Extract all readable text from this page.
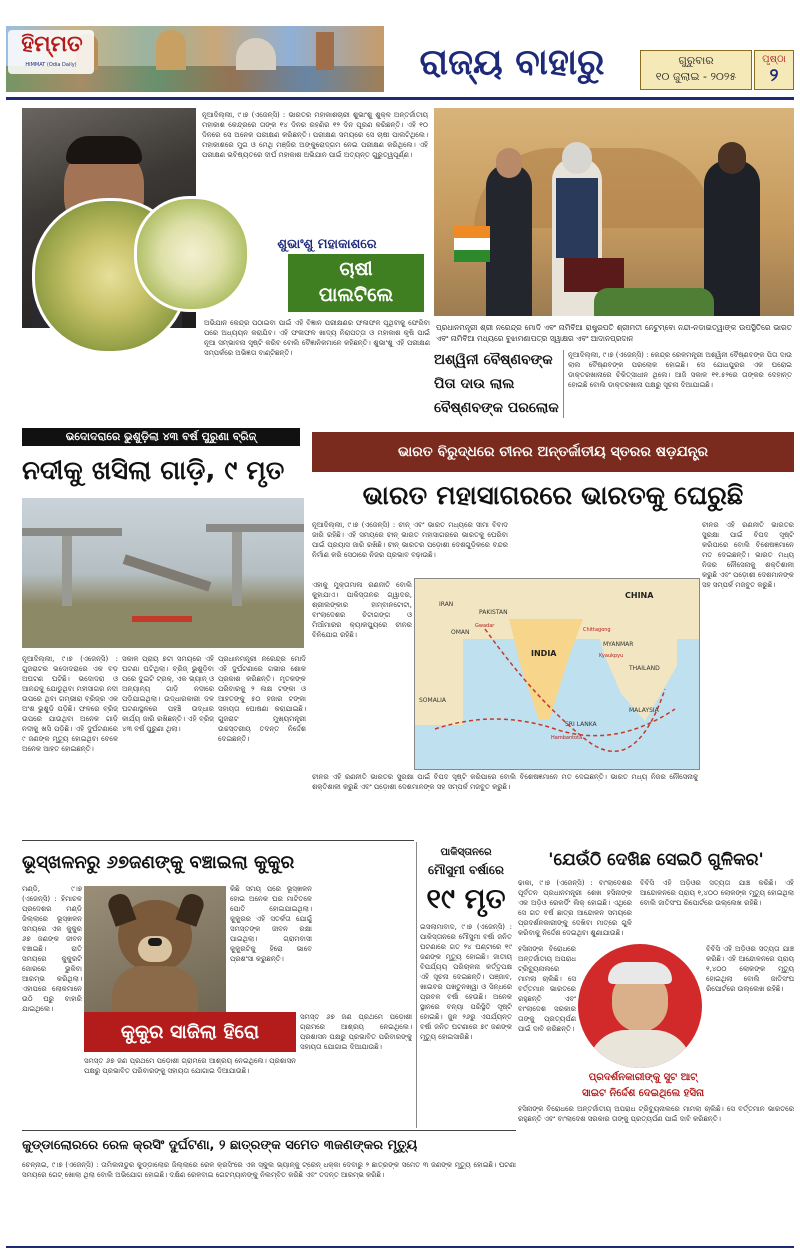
ହିମ୍ମତ
HIMMAT (Odia Daily)	ରାଜ୍ୟ ବାହାରୁ	ଗୁରୁବାର
୧୦ ଜୁଲାଇ - ୨୦୨୫
ପୃଷ୍ଠା
୨
ନୂଆଦିଲ୍ଲୀ, ୯।୭ (ଏଜେନ୍ସି) : ଭାରତର ମହାକାଶଚାରୀ ଶୁଭାଂଶୁ ଶୁକ୍ଳ ଅନ୍ତର୍ଜାତୀୟ ମହାକାଶ କେନ୍ଦ୍ରରେ ତାଙ୍କ ୧୪ ଦିନର ରହଣିର ୧୨ ଦିନ ପୂରଣ କରିଛନ୍ତି। ଏହି ୧୦ ଦିନରେ ସେ ଅନେକ ପରୀକ୍ଷଣ କରିଛନ୍ତି। ପରୀକ୍ଷଣ ସମୟରେ ସେ ଚାଷୀ ପାଲଟିଥିଲେ। ମହାକାଶରେ ମୁଗ ଓ ମେଥି ମଞ୍ଜିର ଅଙ୍କୁରୋଦ୍ଗମ ନେଇ ପରୀକ୍ଷଣ କରିଥିଲେ। ଏହି ପରୀକ୍ଷଣ ଭବିଷ୍ୟତରେ ଦୀର୍ଘ ମହାକାଶ ଅଭିଯାନ ପାଇଁ ଅତ୍ୟନ୍ତ ଗୁରୁତ୍ୱପୂର୍ଣ୍ଣ।
ଶୁଭାଂଶୁ ମହାକାଶରେ
ଚାଷୀ
ପାଲଟିଲେ
ଅଭିଯାନ କେନ୍ଦ୍ର ପଠାଇବା ପାଇଁ ଏହି ବିଜ୍ଞାନ ପରୀକ୍ଷଣର ଫଳାଫଳ ପୃଥିବୀକୁ ଫେରିବା ପରେ ଅଧ୍ୟୟନ କରାଯିବ। ଏହି ଫଳାଫଳ ଖାଦ୍ୟ ନିରାପତ୍ତା ଓ ମହାକାଶ କୃଷି ପାଇଁ ନୂଆ ସମ୍ଭାବନା ସୃଷ୍ଟି କରିବ ବୋଲି ବୈଜ୍ଞାନିକମାନେ କହିଛନ୍ତି। ଶୁଭାଂଶୁ ଏହି ପରୀକ୍ଷଣ ସମ୍ପର୍କରେ ଅଭିଜ୍ଞତା ବାଣ୍ଟିଛନ୍ତି।
ପ୍ରଧାନମନ୍ତ୍ରୀ ଶ୍ରୀ ନରେନ୍ଦ୍ର ମୋଦି ଏବଂ ନାମିବିଆ ରାଷ୍ଟ୍ରପତି ଶ୍ରୀମତୀ ନେଟୁମ୍ବୋ ନନ୍ଦୀ-ନଡାଇତ୍ୱାଙ୍କ ଉପସ୍ଥିତିରେ ଭାରତ ଏବଂ ନାମିବିଆ ମଧ୍ୟରେ ବୁଝାମଣାପତ୍ର ସ୍ୱାକ୍ଷର ଏବଂ ଆଦାନପ୍ରଦାନ
ଅଶ୍ୱିନୀ ବୈଷ୍ଣବଙ୍କ ପିତା ଦାଉ ଲାଲ ବୈଷ୍ଣବଙ୍କ ପରଲୋକ
ନୂଆଦିଲ୍ଲୀ, ୯।୭ (ଏଜେନ୍ସି) : କେନ୍ଦ୍ର ରେଳମନ୍ତ୍ରୀ ଅଶ୍ୱିନୀ ବୈଷ୍ଣବଙ୍କ ପିତା ଦାଉ ଲାଲ ବୈଷ୍ଣବଙ୍କ ପରଲୋକ ହୋଇଛି। ସେ ଯୋଧପୁରର ଏକ ଘରୋଇ ଡାକ୍ତରଖାନାରେ ଚିକିତ୍ସାଧୀନ ଥିଲେ। ଆଜି ସକାଳ ୧୧.୫୨ରେ ତାଙ୍କର ଦେହାନ୍ତ ହୋଇଛି ବୋଲି ଡାକ୍ତରଖାନା ପକ୍ଷରୁ ସୂଚନା ଦିଆଯାଇଛି।
ଭଦୋଦରାରେ ଭୁଶୁଡ଼ିଲା ୪୩ ବର୍ଷ ପୁରୁଣା ବ୍ରିଜ୍
ନଦୀକୁ ଖସିଲା ଗାଡ଼ି, ୯ ମୃତ
ନୂଆଦିଲ୍ଲୀ, ୯।୭ (ଏଜେନ୍ସି) : ଗୁଜରାଟର ଭଦୋଦରାରେ ଏକ ବଡ଼ ଅଘଟଣ ଘଟିଛି। ଭଦୋଦରା ଓ ଆନନ୍ଦକୁ ଯୋଡୁଥିବା ମହୀସାଗର ନଦୀ ଉପରେ ଥିବା ଗମ୍ଭୀରା ବ୍ରିଜ୍‌ର ଏକ ଅଂଶ ଭୁଶୁଡ଼ି ପଡ଼ିଛି। ଫଳରେ ବ୍ରିଜ୍ ଉପରେ ଯାଉଥିବା ଅନେକ ଗାଡ଼ି ନଦୀକୁ ଖସି ପଡ଼ିଛି। ଏହି ଦୁର୍ଘଟଣାରେ ୯ ଜଣଙ୍କ ମୃତ୍ୟୁ ହୋଇଥିବା ବେଳେ ଅନେକ ଆହତ ହୋଇଛନ୍ତି।
ସକାଳ ପ୍ରାୟ ୭ଟା ସମୟରେ ଏହି ଘଟଣା ଘଟିଥିଲା। ବ୍ରିଜ୍ ଭୁଶୁଡ଼ିବା ପରେ ଦୁଇଟି ଟ୍ରକ୍, ଏକ ଭ୍ୟାନ୍ ଓ ଅନ୍ୟାନ୍ୟ ଗାଡ଼ି ନଦୀରେ ପଡ଼ିଯାଇଥିଲା। ଉଦ୍ଧାରକାରୀ ଦଳ ଘଟଣାସ୍ଥଳରେ ପହଞ୍ଚି ଉଦ୍ଧାର କାର୍ଯ୍ୟ ଜାରି ରଖିଛନ୍ତି। ଏହି ବ୍ରିଜ୍ ୪୩ ବର୍ଷ ପୁରୁଣା ଥିଲା।
ପ୍ରଧାନମନ୍ତ୍ରୀ ନରେନ୍ଦ୍ର ମୋଦି ଏହି ଦୁର୍ଘଟଣାରେ ଗଭୀର ଶୋକ ପ୍ରକାଶ କରିଛନ୍ତି। ମୃତକଙ୍କ ପରିବାରକୁ ୨ ଲକ୍ଷ ଟଙ୍କା ଓ ଆହତଙ୍କୁ ୫୦ ହଜାର ଟଙ୍କା ସହାୟତା ଘୋଷଣା କରାଯାଇଛି। ଗୁଜରାଟ ମୁଖ୍ୟମନ୍ତ୍ରୀ ଉଚ୍ଚସ୍ତରୀୟ ତଦନ୍ତ ନିର୍ଦ୍ଦେଶ ଦେଇଛନ୍ତି।
ଭାରତ ବିରୁଦ୍ଧରେ ଚୀନର ଅନ୍ତର୍ଜାତୀୟ ସ୍ତରର ଷଡ଼ଯନ୍ତ୍ର
ଭାରତ ମହାସାଗରରେ ଭାରତକୁ ଘେରୁଛି
ନୂଆଦିଲ୍ଲୀ, ୯।୭ (ଏଜେନ୍ସି) : ଚୀନ୍ ଏବଂ ଭାରତ ମଧ୍ୟରେ ସୀମା ବିବାଦ ଜାରି ରହିଛି। ଏହି ସମୟରେ ଚୀନ୍ ଭାରତ ମହାସାଗରରେ ଭାରତକୁ ଘେରିବା ପାଇଁ ପ୍ରୟାସ ଜାରି ରଖିଛି। ଚୀନ୍ ଭାରତର ପଡ଼ୋଶୀ ଦେଶଗୁଡ଼ିକରେ ବନ୍ଦର ନିର୍ମାଣ କରି ସେଠାରେ ନିଜର ପ୍ରଭାବ ବଢ଼ାଉଛି।
ଏହାକୁ ମୁକ୍ତାମାଳା ରଣନୀତି ବୋଲି କୁହାଯାଏ। ପାକିସ୍ତାନର ଗ୍ୱାଦର, ଶ୍ରୀଲଙ୍କାର ହାମ୍ବାନଟୋଟା, ବାଂଲାଦେଶର ଚିଟାଗଙ୍ଗ ଓ ମିଆଁମାରର କ୍ୟାକପ୍ୟୁରେ ଚୀନର ବିନିଯୋଗ ରହିଛି।
ଚୀନର ଏହି ରଣନୀତି ଭାରତର ସୁରକ୍ଷା ପାଇଁ ବିପଦ ସୃଷ୍ଟି କରିପାରେ ବୋଲି ବିଶେଷଜ୍ଞମାନେ ମତ ଦେଇଛନ୍ତି। ଭାରତ ମଧ୍ୟ ନିଜର ନୌସେନାକୁ ଶକ୍ତିଶାଳୀ କରୁଛି ଏବଂ ପଡ଼ୋଶୀ ଦେଶମାନଙ୍କ ସହ ସମ୍ପର୍କ ମଜବୁତ କରୁଛି।
CHINA
IRAN
PAKISTAN
INDIA
MYANMAR
THAILAND
SRI LANKA
MALAYSIA
SOMALIA
OMAN
Gwadar
Chittagong
Hambantota
Kyaukpyu
ଚୀନର ଏହି ରଣନୀତି ଭାରତର ସୁରକ୍ଷା ପାଇଁ ବିପଦ ସୃଷ୍ଟି କରିପାରେ ବୋଲି ବିଶେଷଜ୍ଞମାନେ ମତ ଦେଇଛନ୍ତି। ଭାରତ ମଧ୍ୟ ନିଜର ନୌସେନାକୁ ଶକ୍ତିଶାଳୀ କରୁଛି ଏବଂ ପଡ଼ୋଶୀ ଦେଶମାନଙ୍କ ସହ ସମ୍ପର୍କ ମଜବୁତ କରୁଛି।
ଭୂସ୍ଖଳନରୁ ୬୭ଜଣଙ୍କୁ ବଞ୍ଚାଇଲା କୁକୁର
ମଣ୍ଡି, ୯।୭ (ଏଜେନ୍ସି) : ହିମାଚଳ ପ୍ରଦେଶର ମଣ୍ଡି ଜିଲ୍ଲାରେ ଭୂସ୍ଖଳନ ସମୟରେ ଏକ କୁକୁର ୬୭ ଜଣଙ୍କ ଜୀବନ ବଞ୍ଚାଇଛି। ରାତି ସମୟରେ କୁକୁରଟି ଜୋରରେ ଭୁକିବା ଆରମ୍ଭ କରିଥିଲା। ଏହାପରେ ଲୋକମାନେ ଉଠି ଘରୁ ବାହାରି ଯାଇଥିଲେ।
କୁକୁର ସାଜିଲା ହିରୋ
କିଛି ସମୟ ପରେ ଭୂସ୍ଖଳନ ହୋଇ ଅନେକ ଘର ମାଟିତଳେ ପୋତି ହୋଇଯାଇଥିଲା। କୁକୁରର ଏହି ସତର୍କତା ଯୋଗୁଁ ସମସ୍ତଙ୍କ ଜୀବନ ରକ୍ଷା ପାଇଥିଲା। ଗ୍ରାମବାସୀ କୁକୁରଟିକୁ ହିରୋ ଭାବେ ପ୍ରଶଂସା କରୁଛନ୍ତି।
ସମସ୍ତ ୬୭ ଜଣ ପ୍ରଥମେ ପଡ଼ୋଶୀ ଗ୍ରାମରେ ଆଶ୍ରୟ ନେଇଥିଲେ। ପ୍ରଶାସନ ପକ୍ଷରୁ ପ୍ରଭାବିତ ପରିବାରଙ୍କୁ ସହାୟତା ଯୋଗାଇ ଦିଆଯାଉଛି।
ସମସ୍ତ ୬୭ ଜଣ ପ୍ରଥମେ ପଡ଼ୋଶୀ ଗ୍ରାମରେ ଆଶ୍ରୟ ନେଇଥିଲେ। ପ୍ରଶାସନ ପକ୍ଷରୁ ପ୍ରଭାବିତ ପରିବାରଙ୍କୁ ସହାୟତା ଯୋଗାଇ ଦିଆଯାଉଛି।
ପାକିସ୍ତାନରେ
ମୌସୁମୀ ବର୍ଷାରେ
୧୯ ମୃତ
ଇସଲାମାବାଦ, ୯।୭ (ଏଜେନ୍ସି) : ପାକିସ୍ତାନରେ ମୌସୁମୀ ବର୍ଷା ଜନିତ ଘଟଣାରେ ଗତ ୨୪ ଘଣ୍ଟାରେ ୧୯ ଜଣଙ୍କ ମୃତ୍ୟୁ ହୋଇଛି। ଜାତୀୟ ବିପର୍ଯ୍ୟୟ ପରିଚାଳନା କର୍ତ୍ତୃପକ୍ଷ ଏହି ସୂଚନା ଦେଇଛନ୍ତି। ପଞ୍ଜାବ, ଖାଇବର ପଖତୁନଖ୍ୱା ଓ ସିନ୍ଧରେ ପ୍ରବଳ ବର୍ଷା ହେଉଛି। ଅନେକ ସ୍ଥାନରେ ବନ୍ୟା ପରିସ୍ଥିତି ସୃଷ୍ଟି ହୋଇଛି। ଜୁନ ୨୬ରୁ ଏପର୍ଯ୍ୟନ୍ତ ବର୍ଷା ଜନିତ ଘଟଣାରେ ୭୯ ଜଣଙ୍କ ମୃତ୍ୟୁ ହୋଇସାରିଛି।
'ଯେଉଁଠି ଦେଖିଛ ସେଇଠି ଗୁଳିକର'
ଢାକା, ୯।୭ (ଏଜେନ୍ସି) : ବାଂଲାଦେଶର ପୂର୍ବତନ ପ୍ରଧାନମନ୍ତ୍ରୀ ଶେଖ ହସିନାଙ୍କ ଏକ ଅଡ଼ିଓ ରେକର୍ଡିଂ ଲିକ୍ ହୋଇଛି। ଏଥିରେ ସେ ଗତ ବର୍ଷ ଛାତ୍ର ଆନ୍ଦୋଳନ ସମୟରେ ପ୍ରଦର୍ଶନକାରୀଙ୍କୁ ଦେଖିବା ମାତ୍ରେ ଗୁଳି କରିବାକୁ ନିର୍ଦ୍ଦେଶ ଦେଇଥିବା ଶୁଣାଯାଉଛି।
ବିବିସି ଏହି ଅଡ଼ିଓର ସତ୍ୟତା ଯାଞ୍ଚ କରିଛି। ଏହି ଆନ୍ଦୋଳନରେ ପ୍ରାୟ ୧,୪୦୦ ଲୋକଙ୍କ ମୃତ୍ୟୁ ହୋଇଥିଲା ବୋଲି ଜାତିସଂଘ ରିପୋର୍ଟରେ ଉଲ୍ଲେଖ ରହିଛି।
ହସିନାଙ୍କ ବିରୋଧରେ ଅନ୍ତର୍ଜାତୀୟ ଅପରାଧ ଟ୍ରିବ୍ୟୁନାଲରେ ମାମଲା ଚାଲିଛି। ସେ ବର୍ତ୍ତମାନ ଭାରତରେ ରହୁଛନ୍ତି ଏବଂ ବାଂଲାଦେଶ ସରକାର ତାଙ୍କୁ ପ୍ରତ୍ୟର୍ପଣ ପାଇଁ ଦାବି କରିଛନ୍ତି।
ବିବିସି ଏହି ଅଡ଼ିଓର ସତ୍ୟତା ଯାଞ୍ଚ କରିଛି। ଏହି ଆନ୍ଦୋଳନରେ ପ୍ରାୟ ୧,୪୦୦ ଲୋକଙ୍କ ମୃତ୍ୟୁ ହୋଇଥିଲା ବୋଲି ଜାତିସଂଘ ରିପୋର୍ଟରେ ଉଲ୍ଲେଖ ରହିଛି।
ପ୍ରଦର୍ଶନକାରୀଙ୍କୁ ସୁଟ ଆଟ୍ ସାଇଟ ନିର୍ଦ୍ଦେଶ ଦେଇଥିଲେ ହସିନା
ହସିନାଙ୍କ ବିରୋଧରେ ଅନ୍ତର୍ଜାତୀୟ ଅପରାଧ ଟ୍ରିବ୍ୟୁନାଲରେ ମାମଲା ଚାଲିଛି। ସେ ବର୍ତ୍ତମାନ ଭାରତରେ ରହୁଛନ୍ତି ଏବଂ ବାଂଲାଦେଶ ସରକାର ତାଙ୍କୁ ପ୍ରତ୍ୟର୍ପଣ ପାଇଁ ଦାବି କରିଛନ୍ତି।
କୁଡ୍ଡାଲୋରରେ ରେଳ କ୍ରସିଂ ଦୁର୍ଘଟଣା, ୨ ଛାତ୍ରଙ୍କ ସମେତ ୩ଜଣଙ୍କର ମୃତ୍ୟୁ
ଚେନ୍ନାଇ, ୯।୭ (ଏଜେନ୍ସି) : ତାମିଲନାଡୁର କୁଡ୍ଡାଲୋର ଜିଲ୍ଲାରେ ରେଳ କ୍ରସିଂରେ ଏକ ସ୍କୁଲ ଭ୍ୟାନ୍‌କୁ ଟ୍ରେନ୍ ଧକ୍କା ଦେବାରୁ ୨ ଛାତ୍ରଙ୍କ ସମେତ ୩ ଜଣଙ୍କ ମୃତ୍ୟୁ ହୋଇଛି। ଘଟଣା ସମୟରେ ଗେଟ୍ ଖୋଲା ଥିଲା ବୋଲି ଅଭିଯୋଗ ହୋଇଛି। ଦକ୍ଷିଣ ରେଳବାଇ ଗେଟମ୍ୟାନଙ୍କୁ ନିଲମ୍ବିତ କରିଛି ଏବଂ ତଦନ୍ତ ଆରମ୍ଭ କରିଛି।
